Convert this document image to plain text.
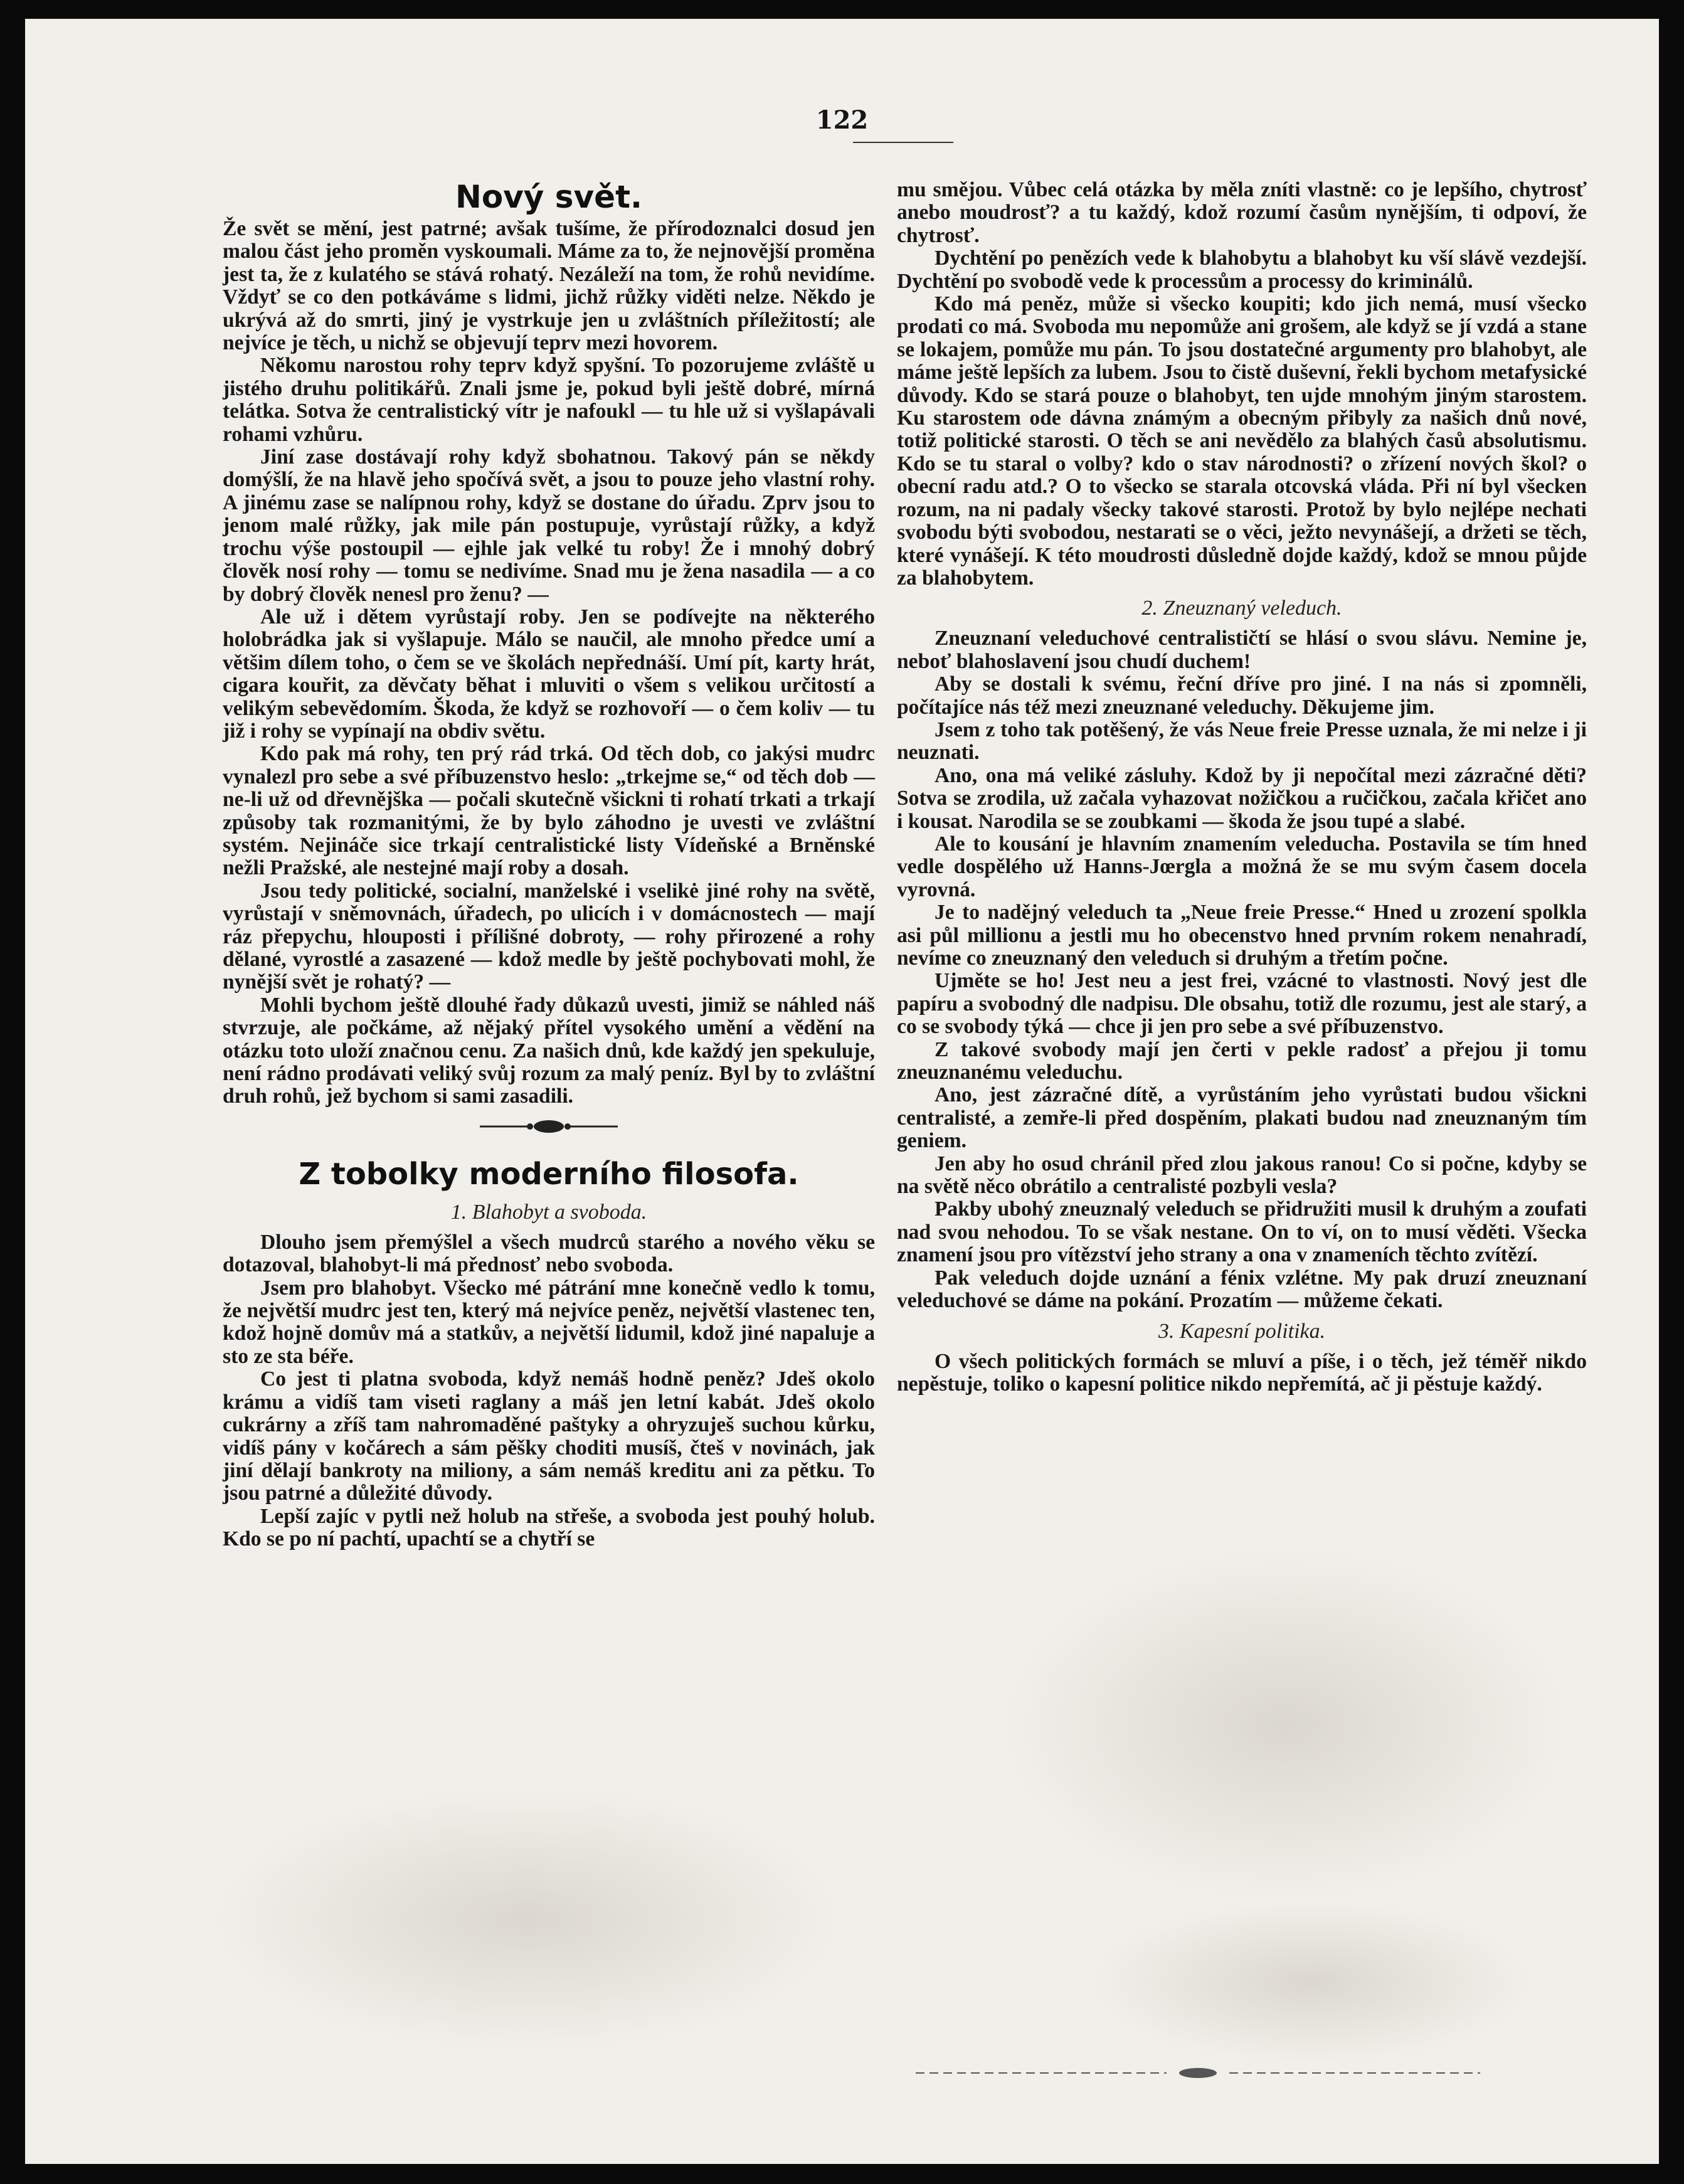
122
Nový svět.

Že svět se mění, jest patrné; avšak tušíme, že přírodoznalci dosud jen malou část jeho proměn vyskoumali. Máme za to, že nejnovější proměna jest ta, že z kulatého se stává rohatý. Nezáleží na tom, že rohů nevidíme. Vždyť se co den potkáváme s lidmi, jichž růžky viděti nelze. Někdo je ukrývá až do smrti, jiný je vystrkuje jen u zvláštních příležitostí; ale nejvíce je těch, u nichž se objevují teprv mezi hovorem.

Někomu narostou rohy teprv když spyšní. To pozorujeme zvláště u jistého druhu politikářů. Znali jsme je, pokud byli ještě dobré, mírná telátka. Sotva že centralistický vítr je nafoukl — tu hle už si vyšlapávali rohami vzhůru.

Jiní zase dostávají rohy když sbohatnou. Takový pán se někdy domýšlí, že na hlavě jeho spočívá svět, a jsou to pouze jeho vlastní rohy. A jinému zase se nalípnou rohy, když se dostane do úřadu. Zprv jsou to jenom malé růžky, jak mile pán postupuje, vyrůstají růžky, a když trochu výše postoupil — ejhle jak velké tu roby! Že i mnohý dobrý člověk nosí rohy — tomu se nedivíme. Snad mu je žena nasadila — a co by dobrý člověk nenesl pro ženu? —

Ale už i dětem vyrůstají roby. Jen se podívejte na některého holobrádka jak si vyšlapuje. Málo se naučil, ale mnoho předce umí a většim dílem toho, o čem se ve školách nepřednáší. Umí pít, karty hrát, cigara kouřit, za děvčaty běhat i mluviti o všem s velikou určitostí a velikým sebevědomím. Škoda, že když se rozhovoří — o čem koliv — tu již i rohy se vypínají na obdiv světu.

Kdo pak má rohy, ten prý rád trká. Od těch dob, co jakýsi mudrc vynalezl pro sebe a své příbuzenstvo heslo: „trkejme se,“ od těch dob — ne-li už od dřevnějška — počali skutečně všickni ti rohatí trkati a trkají způsoby tak rozmanitými, že by bylo záhodno je uvesti ve zvláštní systém. Nejináče sice trkají centralistické listy Vídeňské a Brněnské nežli Pražské, ale nestejné mají roby a dosah.

Jsou tedy politické, socialní, manželské i vselikė jiné rohy na světě, vyrůstají v sněmovnách, úřadech, po ulicích i v domácnostech — mají ráz přepychu, hlouposti i přílišné dobroty, — rohy přirozené a rohy dělané, vyrostlé a zasazené — kdož medle by ještě pochybovati mohl, že nynější svět je rohatý? —

Mohli bychom ještě dlouhé řady důkazů uvesti, jimiž se náhled náš stvrzuje, ale počkáme, až nějaký přítel vysokého umění a vědění na otázku toto uloží značnou cenu. Za našich dnů, kde každý jen spekuluje, není rádno prodávati veliký svůj rozum za malý peníz. Byl by to zvláštní druh rohů, jež bychom si sami zasadili.

Z tobolky moderního filosofa.
1. Blahobyt a svoboda.

Dlouho jsem přemýšlel a všech mudrců starého a nového věku se dotazoval, blahobyt-li má přednosť nebo svoboda.

Jsem pro blahobyt. Všecko mé pátrání mne konečně vedlo k tomu, že největší mudrc jest ten, který má nejvíce peněz, největší vlastenec ten, kdož hojně domův má a statkův, a největší lidumil, kdož jiné napaluje a sto ze sta béře.

Co jest ti platna svoboda, když nemáš hodně peněz? Jdeš okolo krámu a vidíš tam viseti raglany a máš jen letní kabát. Jdeš okolo cukrárny a zříš tam nahromaděné paštyky a ohryzuješ suchou kůrku, vidíš pány v kočárech a sám pěšky choditi musíš, čteš v novinách, jak jiní dělají bankroty na miliony, a sám nemáš kreditu ani za pětku. To jsou patrné a důležité důvody.

Lepší zajíc v pytli než holub na střeše, a svoboda jest pouhý holub. Kdo se po ní pachtí, upachtí se a chytří se

mu smějou. Vůbec celá otázka by měla zníti vlastně: co je lepšího, chytrosť anebo moudrosť? a tu každý, kdož rozumí časům nynějším, ti odpoví, že chytrosť.

Dychtění po penězích vede k blahobytu a blahobyt ku vší slávě vezdejší. Dychtění po svobodě vede k processům a processy do kriminálů.

Kdo má peněz, může si všecko koupiti; kdo jich nemá, musí všecko prodati co má. Svoboda mu nepomůže ani grošem, ale když se jí vzdá a stane se lokajem, pomůže mu pán. To jsou dostatečné argumenty pro blahobyt, ale máme ještě lepších za lubem. Jsou to čistě duševní, řekli bychom metafysické důvody. Kdo se stará pouze o blahobyt, ten ujde mnohým jiným starostem. Ku starostem ode dávna známým a obecným přibyly za našich dnů nové, totiž politické starosti. O těch se ani nevědělo za blahých časů absolutismu. Kdo se tu staral o volby? kdo o stav národnosti? o zřízení nových škol? o obecní radu atd.? O to všecko se starala otcovská vláda. Při ní byl všecken rozum, na ni padaly všecky takové starosti. Protož by bylo nejlépe nechati svobodu býti svobodou, nestarati se o věci, ježto nevynášejí, a držeti se těch, které vynášejí. K této moudrosti důsledně dojde každý, kdož se mnou půjde za blahobytem.

2. Zneuznaný veleduch.

Zneuznaní veleduchové centralističtí se hlásí o svou slávu. Nemine je, neboť blahoslavení jsou chudí duchem!

Aby se dostali k svému, řeční dříve pro jiné. I na nás si zpomněli, počítajíce nás též mezi zneuznané veleduchy. Děkujeme jim.

Jsem z toho tak potěšený, že vás Neue freie Presse uznala, že mi nelze i ji neuznati.

Ano, ona má veliké zásluhy. Kdož by ji nepočítal mezi zázračné děti? Sotva se zrodila, už začala vyhazovat nožičkou a ručičkou, začala křičet ano i kousat. Narodila se se zoubkami — škoda že jsou tupé a slabé.

Ale to kousání je hlavním znamením veleducha. Postavila se tím hned vedle dospělého už Hanns-Jœrgla a možná že se mu svým časem docela vyrovná.

Je to nadějný veleduch ta „Neue freie Presse.“ Hned u zrození spolkla asi půl millionu a jestli mu ho obecenstvo hned prvním rokem nenahradí, nevíme co zneuznaný den veleduch si druhým a třetím počne.

Ujměte se ho! Jest neu a jest frei, vzácné to vlastnosti. Nový jest dle papíru a svobodný dle nadpisu. Dle obsahu, totiž dle rozumu, jest ale starý, a co se svobody týká — chce ji jen pro sebe a své příbuzenstvo.

Z takové svobody mají jen čerti v pekle radosť a přejou ji tomu zneuznanému veleduchu.

Ano, jest zázračné dítě, a vyrůstáním jeho vyrůstati budou všickni centralisté, a zemře-li před dospěním, plakati budou nad zneuznaným tím geniem.

Jen aby ho osud chránil před zlou jakous ranou! Co si počne, kdyby se na světě něco obrátilo a centralisté pozbyli vesla?

Pakby ubohý zneuznalý veleduch se přidružiti musil k druhým a zoufati nad svou nehodou. To se však nestane. On to ví, on to musí věděti. Všecka znamení jsou pro vítězství jeho strany a ona v znameních těchto zvítězí.

Pak veleduch dojde uznání a fénix vzlétne. My pak druzí zneuznaní veleduchové se dáme na pokání. Prozatím — můžeme čekati.

3. Kapesní politika.

O všech politických formách se mluví a píše, i o těch, jež téměř nikdo nepěstuje, toliko o kapesní politice nikdo nepřemítá, ač ji pěstuje každý.
